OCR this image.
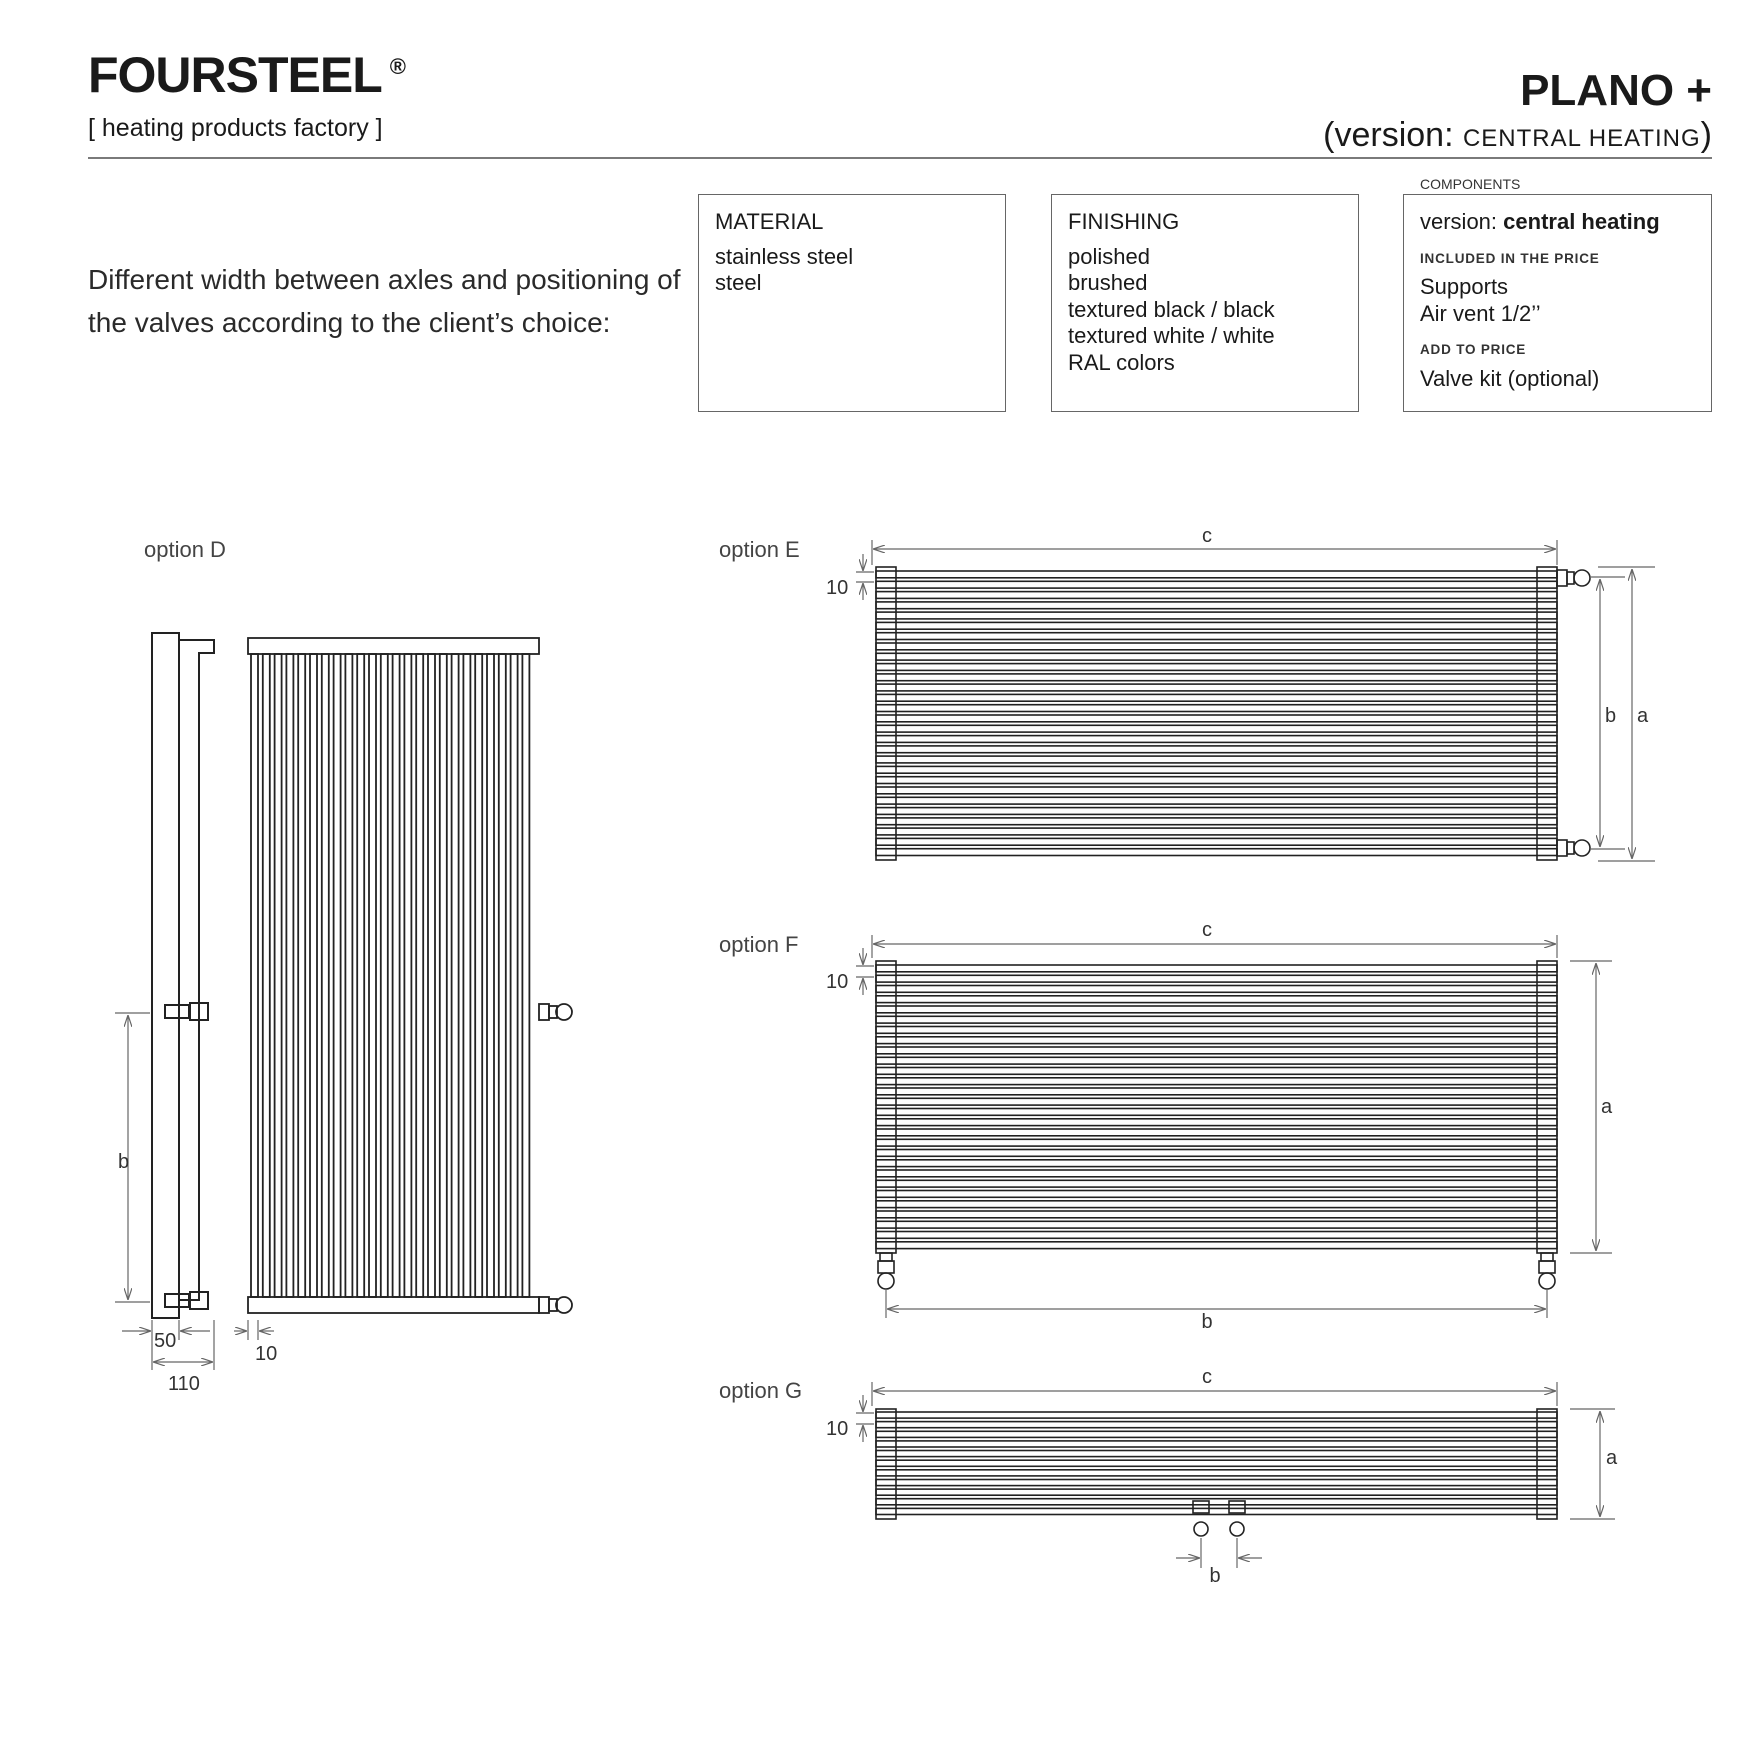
FOURSTEEL ®
[ heating products factory ]
PLANO +
(version: CENTRAL HEATING)
Different width between axles and positioning of
the valves according to the client’s choice:
MATERIAL
stainless steel
steel
FINISHING
polished
brushed
textured black / black
textured white / white
RAL colors
COMPONENTS
version: central heating
INCLUDED IN THE PRICE
Supports
Air vent 1/2’’
ADD TO PRICE
Valve kit (optional)
option D	option E
option F
option G
b
50
110
10
c
10
b a
c
10
a
b
c
10
a
b
